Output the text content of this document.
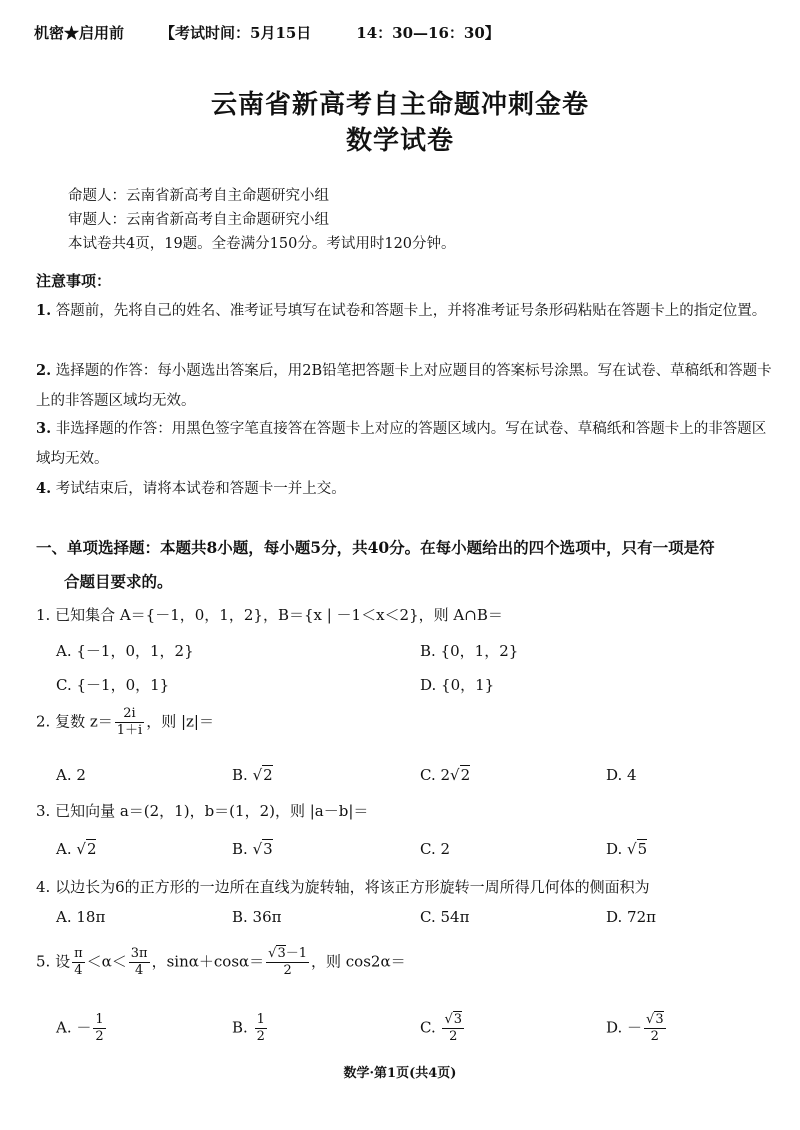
机密★启用前 【考试时间：5月15日　　　14：30—16：30】
云南省新高考自主命题冲刺金卷
数学试卷
命题人：云南省新高考自主命题研究小组
审题人：云南省新高考自主命题研究小组
本试卷共4页，19题。全卷满分150分。考试用时120分钟。
注意事项：
1. 答题前，先将自己的姓名、准考证号填写在试卷和答题卡上，并将准考证号条形码粘贴在答题卡上的指定位置。
2. 选择题的作答：每小题选出答案后，用2B铅笔把答题卡上对应题目的答案标号涂黑。写在试卷、草稿纸和答题卡上的非答题区域均无效。
3. 非选择题的作答：用黑色签字笔直接答在答题卡上对应的答题区域内。写在试卷、草稿纸和答题卡上的非答题区域均无效。
4. 考试结束后，请将本试卷和答题卡一并上交。
一、单项选择题：本题共8小题，每小题5分，共40分。在每小题给出的四个选项中，只有一项是符
合题目要求的。
1. 已知集合 A＝{－1，0，1，2}，B＝{x | －1＜x＜2}，则 A∩B＝
A. {－1，0，1，2}	B. {0，1，2}
C. {－1，0，1}	D. {0，1}
2. 复数 $z= \frac{2i}{1+i}$ ，则 |z|＝
A. 2	B. √2	C. 2√2	D. 4
3. 已知向量 a＝(2，1)，b＝(1，2)，则 |a－b|＝
A. √2	B. √3	C. 2	D. √5
4. 以边长为6的正方形的一边所在直线为旋转轴，将该正方形旋转一周所得几何体的侧面积为
A. 18π	B. 36π	C. 54π	D. 72π
5. 设 $\frac{\pi}{4} <\alpha< \frac{3\pi}{4}$ ，$\sin\alpha+\cos\alpha= \frac{√3-1}{2}$ ，则 cos2α＝
A. － $\frac{1}{2}$	B. $\frac{1}{2}$	C. $\frac{√3}{2}$	D. － $\frac{√3}{2}$
数学·第1页(共4页)
